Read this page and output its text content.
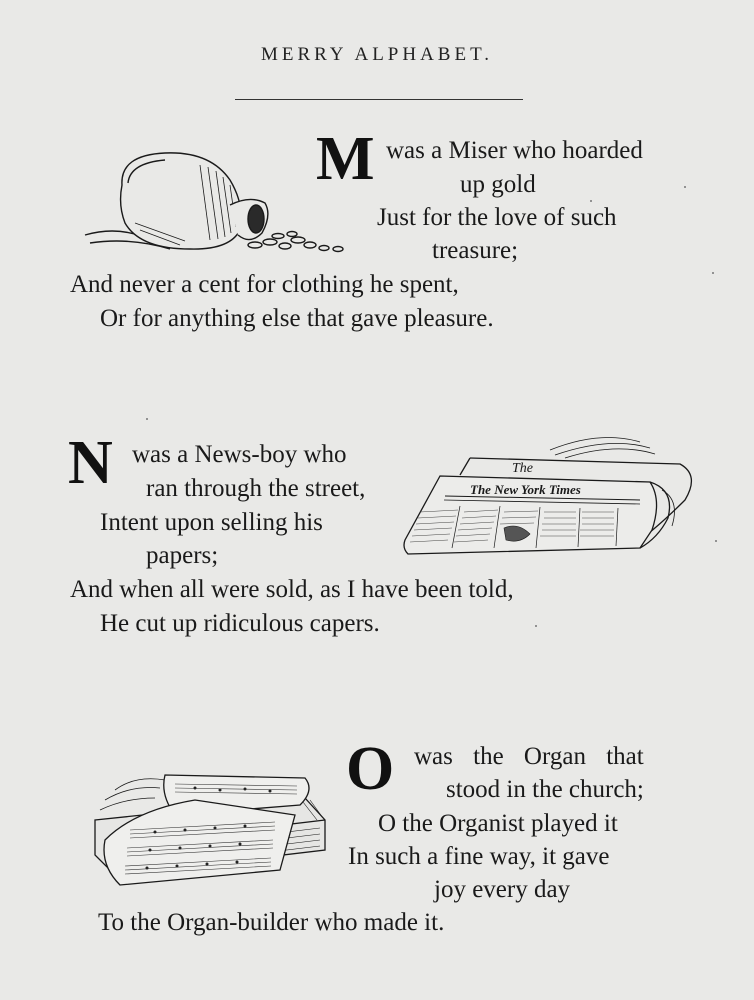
MERRY ALPHABET.
M was a Miser who hoarded
up gold
Just for the love of such
treasure;
And never a cent for clothing he spent,
Or for anything else that gave pleasure.
N was a News-boy who
ran through the street,
Intent upon selling his
papers;
And when all were sold, as I have been told,
He cut up ridiculous capers.
The
The New York Times
O was the Organ that
stood in the church;
O the Organist played it
In such a fine way, it gave
joy every day
To the Organ-builder who made it.
